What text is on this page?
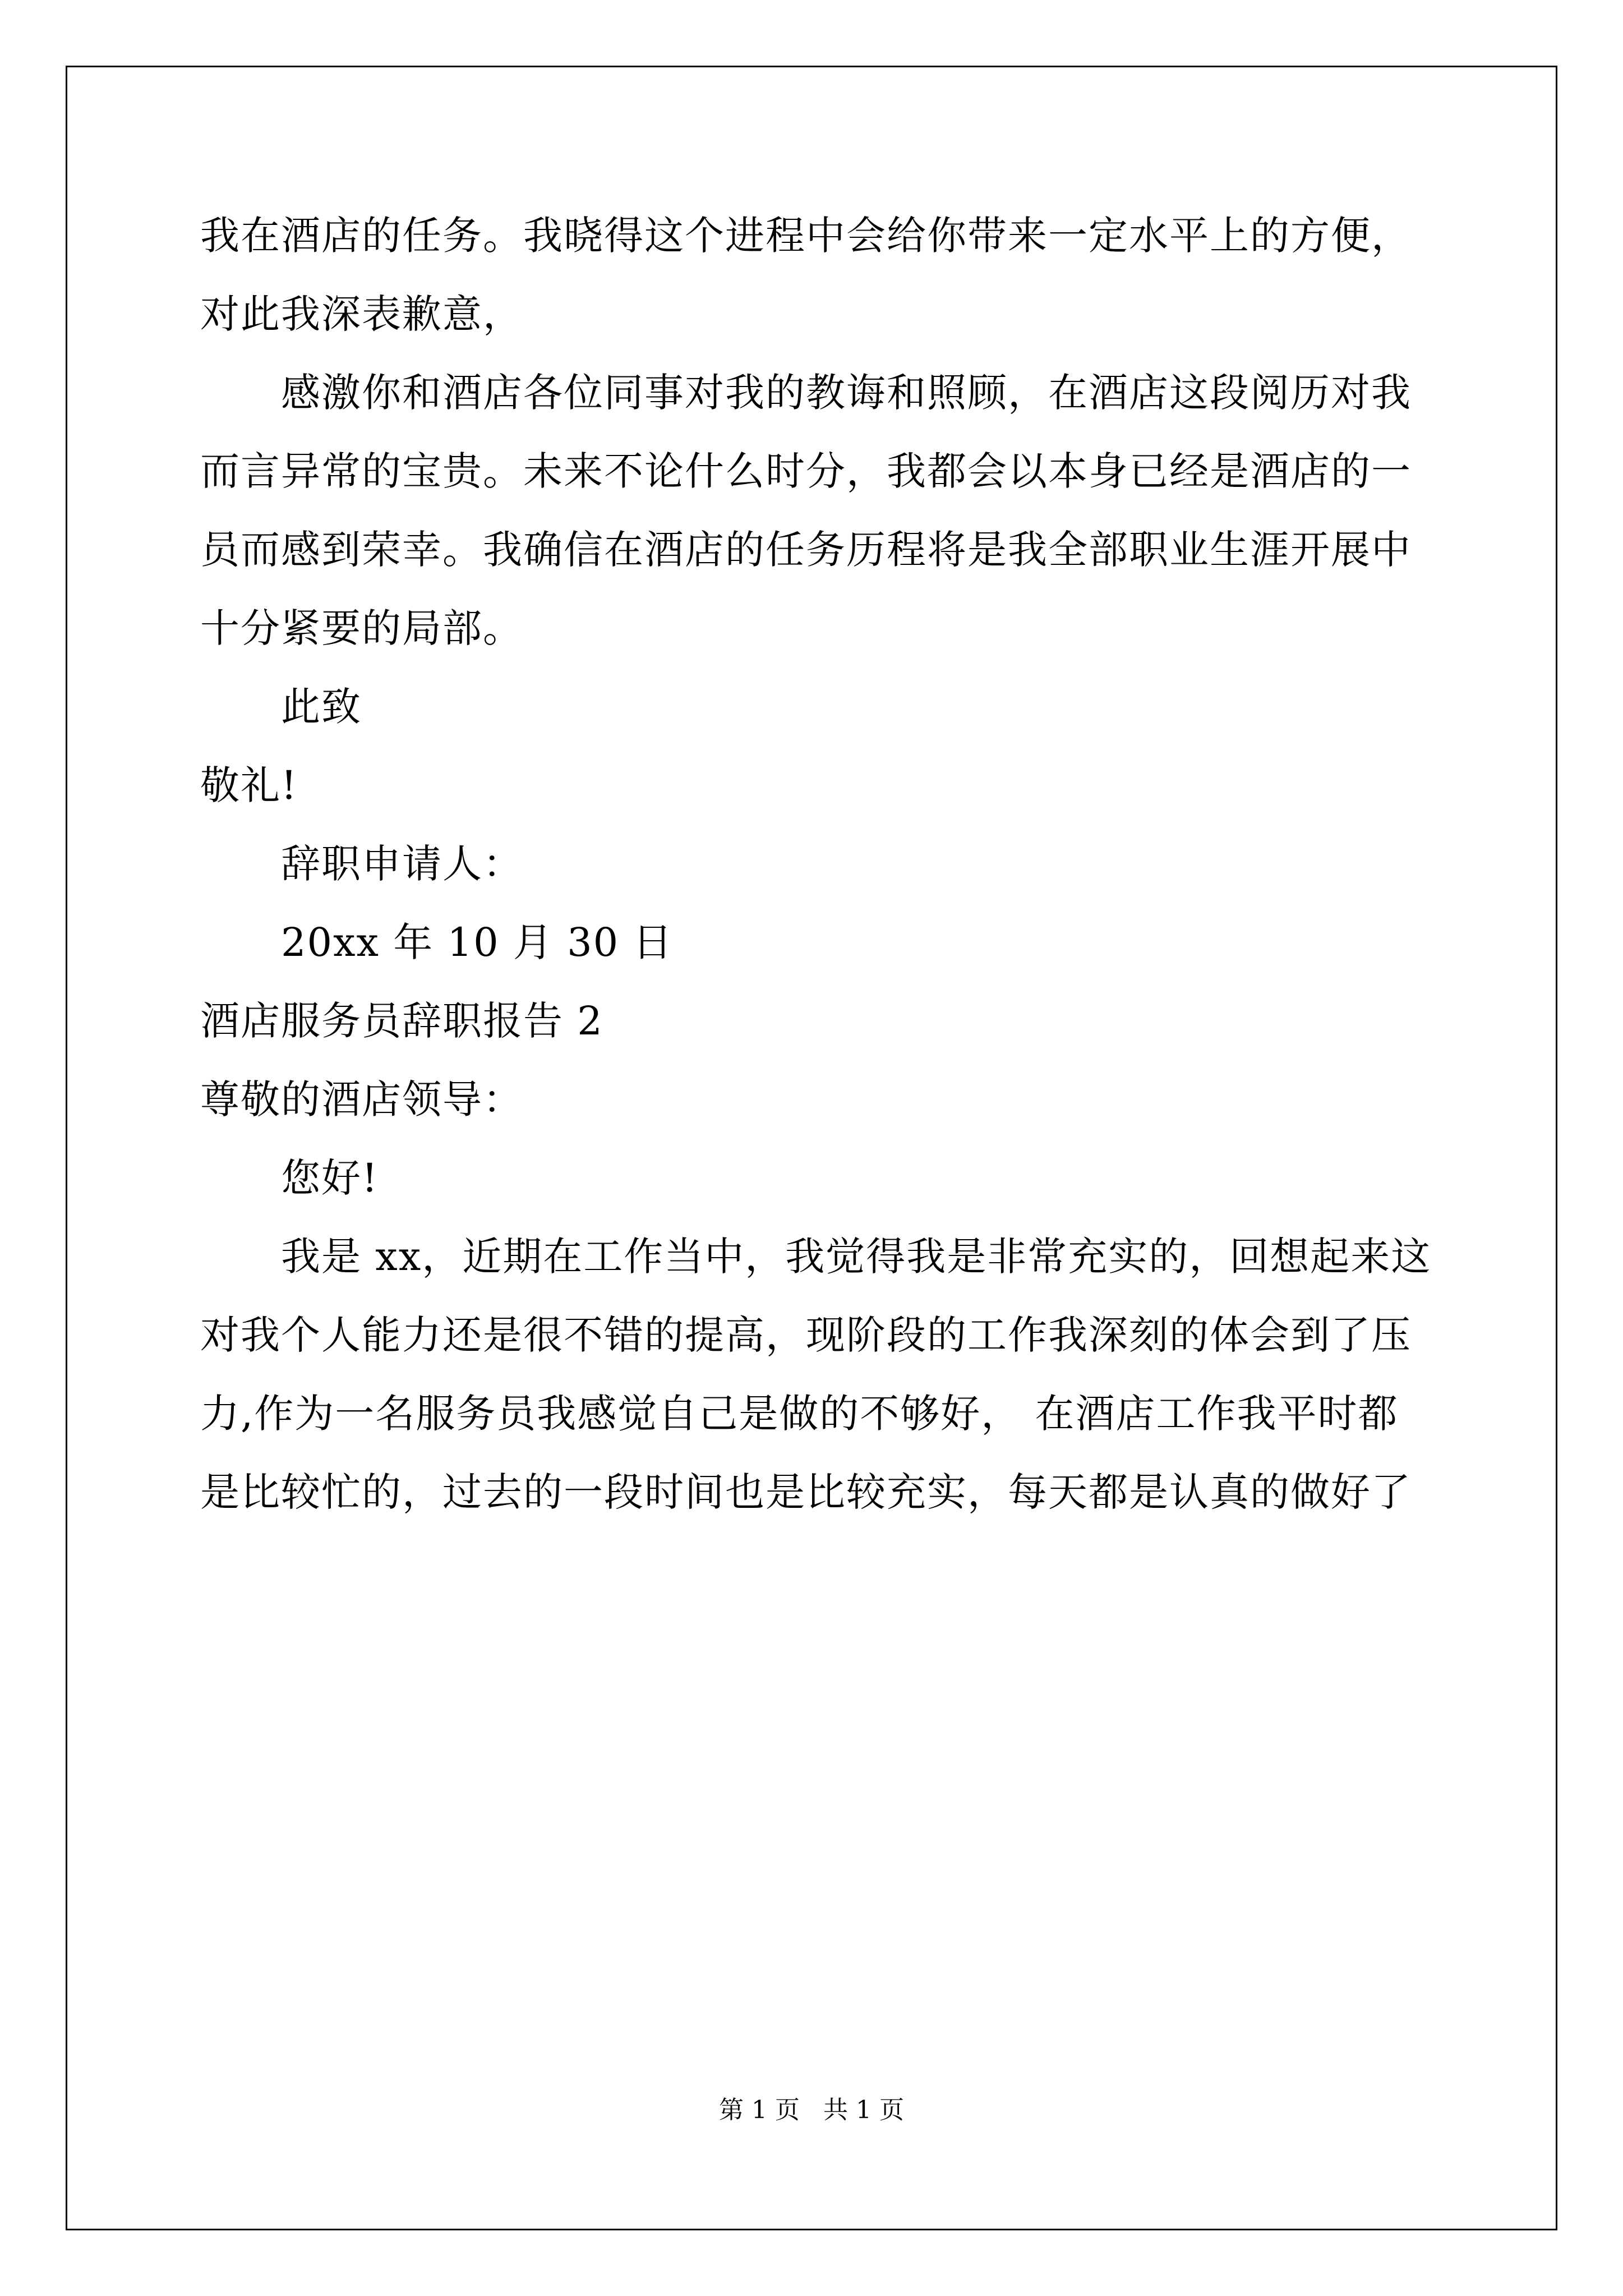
我在酒店的任务。我晓得这个进程中会给你带来一定水平上的方便，
对此我深表歉意，
感激你和酒店各位同事对我的教诲和照顾，在酒店这段阅历对我
而言异常的宝贵。未来不论什么时分，我都会以本身已经是酒店的一
员而感到荣幸。我确信在酒店的任务历程将是我全部职业生涯开展中
十分紧要的局部。
此致
敬礼!
辞职申请人：
20xx 年 10 月 30 日
酒店服务员辞职报告 2
尊敬的酒店领导：
您好!
我是 xx，近期在工作当中，我觉得我是非常充实的，回想起来这
对我个人能力还是很不错的提高，现阶段的工作我深刻的体会到了压
力,作为一名服务员我感觉自己是做的不够好， 在酒店工作我平时都
是比较忙的，过去的一段时间也是比较充实，每天都是认真的做好了
第 1 页   共 1 页
